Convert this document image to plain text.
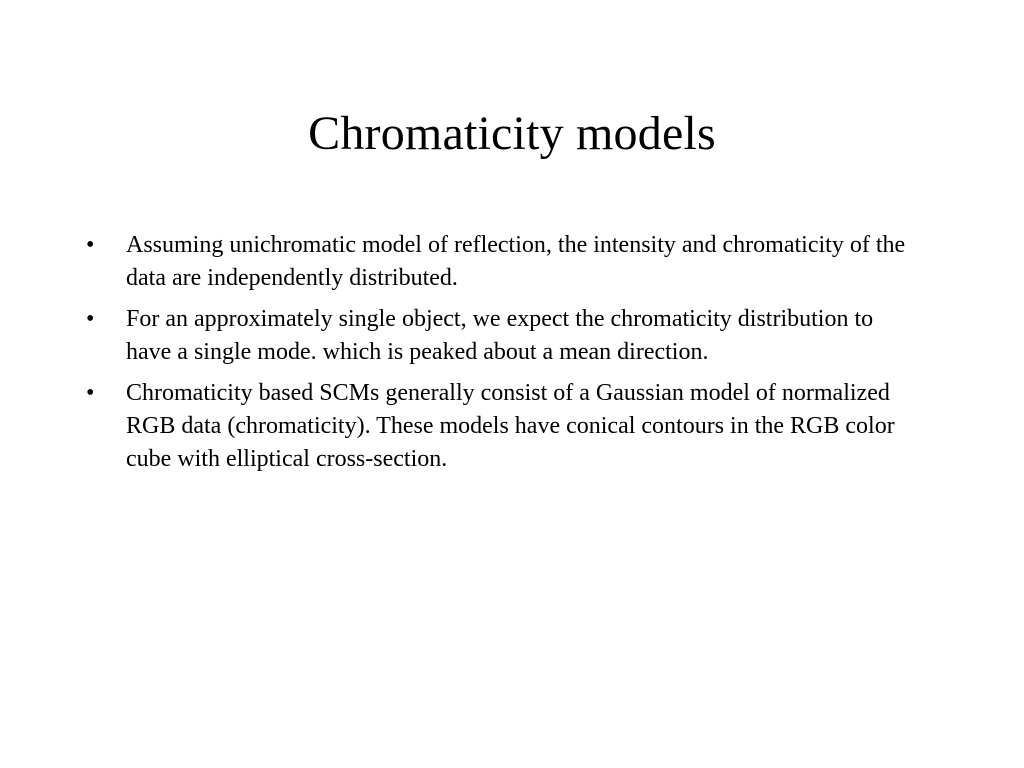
Chromaticity models
•	Assuming unichromatic model of reflection, the intensity and chromaticity of the data are independently distributed.
•	For an approximately single object, we expect the chromaticity distribution to have a single mode. which is peaked about a mean direction.
•	Chromaticity based SCMs generally consist of a Gaussian model of normalized RGB data (chromaticity). These models have conical contours in the RGB color cube with elliptical cross-section.
